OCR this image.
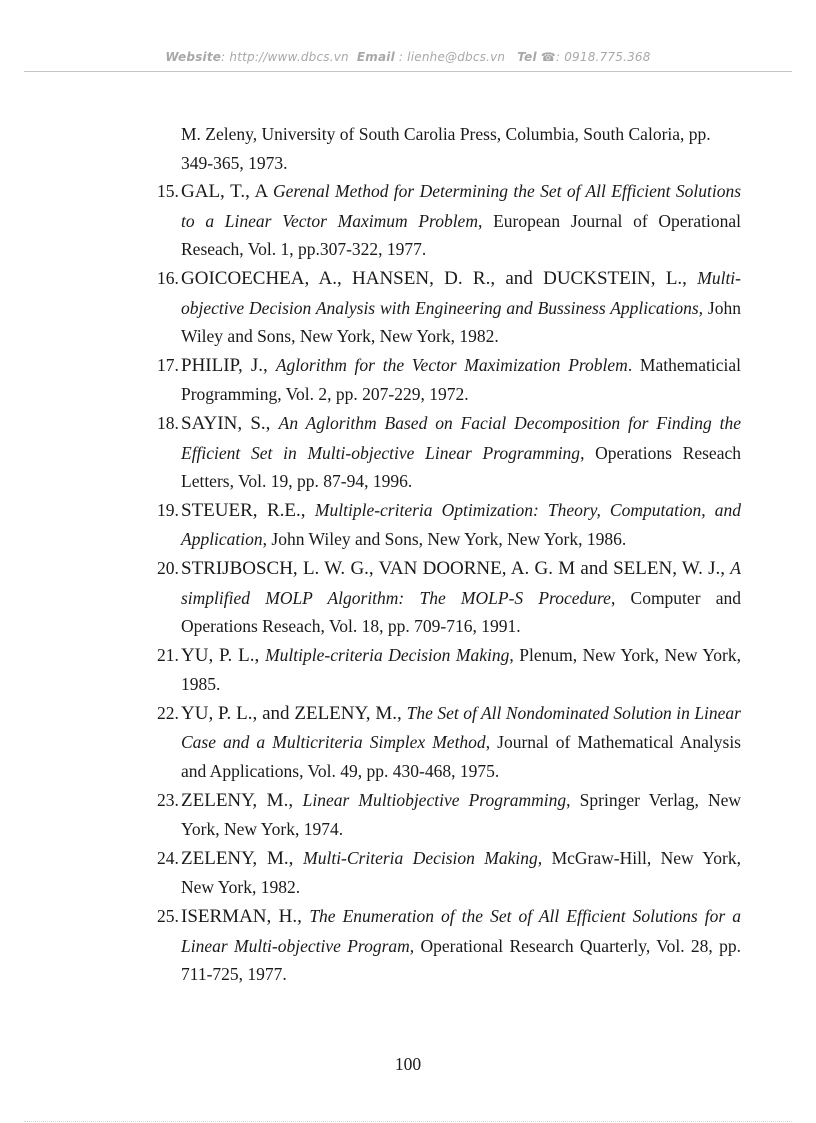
Website: http://www.dbcs.vn Email : lienhe@dbcs.vn Tel ☎: 0918.775.368
M. Zeleny, University of South Carolia Press, Columbia, South Caloria, pp. 349-365, 1973.
15. GAL, T., A Gerenal Method for Determining the Set of All Efficient Solutions to a Linear Vector Maximum Problem, European Journal of Operational Reseach, Vol. 1, pp.307-322, 1977.
16. GOICOECHEA, A., HANSEN, D. R., and DUCKSTEIN, L., Multi-objective Decision Analysis with Engineering and Bussiness Applications, John Wiley and Sons, New York, New York, 1982.
17. PHILIP, J., Aglorithm for the Vector Maximization Problem. Mathematicial Programming, Vol. 2, pp. 207-229, 1972.
18. SAYIN, S., An Aglorithm Based on Facial Decomposition for Finding the Efficient Set in Multi-objective Linear Programming, Operations Reseach Letters, Vol. 19, pp. 87-94, 1996.
19. STEUER, R.E., Multiple-criteria Optimization: Theory, Computation, and Application, John Wiley and Sons, New York, New York, 1986.
20. STRIJBOSCH, L. W. G., VAN DOORNE, A. G. M and SELEN, W. J., A simplified MOLP Algorithm: The MOLP-S Procedure, Computer and Operations Reseach, Vol. 18, pp. 709-716, 1991.
21. YU, P. L., Multiple-criteria Decision Making, Plenum, New York, New York, 1985.
22. YU, P. L., and ZELENY, M., The Set of All Nondominated Solution in Linear Case and a Multicriteria Simplex Method, Journal of Mathematical Analysis and Applications, Vol. 49, pp. 430-468, 1975.
23. ZELENY, M., Linear Multiobjective Programming, Springer Verlag, New York, New York, 1974.
24. ZELENY, M., Multi-Criteria Decision Making, McGraw-Hill, New York, New York, 1982.
25. ISERMAN, H., The Enumeration of the Set of All Efficient Solutions for a Linear Multi-objective Program, Operational Research Quarterly, Vol. 28, pp. 711-725, 1977.
100
